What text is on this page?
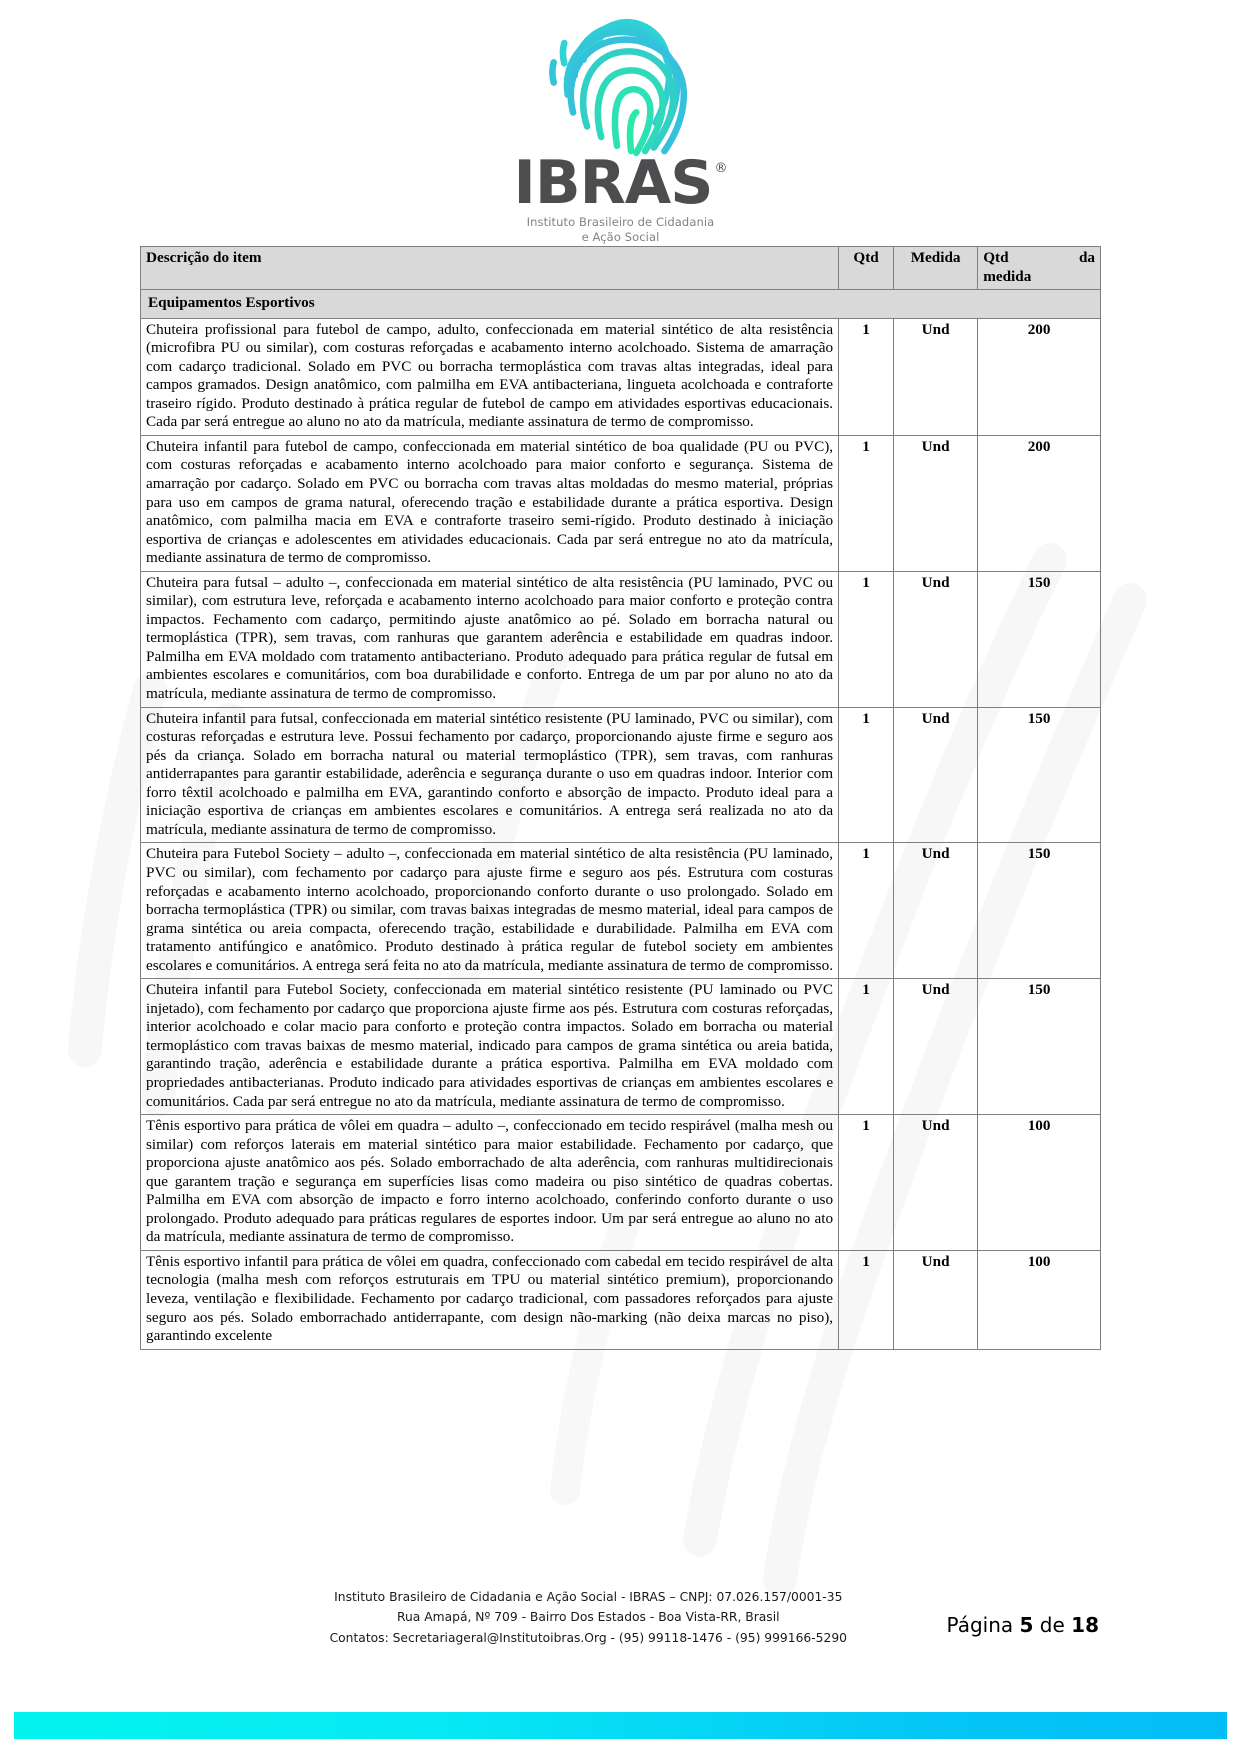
IBRAS ®
Instituto Brasileiro de Cidadania
e Ação Social
Descrição do item	Qtd	Medida	Qtd da
medida
Equipamentos Esportivos			
Chuteira profissional para futebol de campo, adulto, confeccionada em material sintético de alta resistência (microfibra PU ou similar), com costuras reforçadas e acabamento interno acolchoado. Sistema de amarração com cadarço tradicional. Solado em PVC ou borracha termoplástica com travas altas integradas, ideal para campos gramados. Design anatômico, com palmilha em EVA antibacteriana, lingueta acolchoada e contraforte traseiro rígido. Produto destinado à prática regular de futebol de campo em atividades esportivas educacionais. Cada par será entregue ao aluno no ato da matrícula, mediante assinatura de termo de compromisso.	1	Und	200
Chuteira infantil para futebol de campo, confeccionada em material sintético de boa qualidade (PU ou PVC), com costuras reforçadas e acabamento interno acolchoado para maior conforto e segurança. Sistema de amarração por cadarço. Solado em PVC ou borracha com travas altas moldadas do mesmo material, próprias para uso em campos de grama natural, oferecendo tração e estabilidade durante a prática esportiva. Design anatômico, com palmilha macia em EVA e contraforte traseiro semi-rígido. Produto destinado à iniciação esportiva de crianças e adolescentes em atividades educacionais. Cada par será entregue no ato da matrícula, mediante assinatura de termo de compromisso.	1	Und	200
Chuteira para futsal – adulto –, confeccionada em material sintético de alta resistência (PU laminado, PVC ou similar), com estrutura leve, reforçada e acabamento interno acolchoado para maior conforto e proteção contra impactos. Fechamento com cadarço, permitindo ajuste anatômico ao pé. Solado em borracha natural ou termoplástica (TPR), sem travas, com ranhuras que garantem aderência e estabilidade em quadras indoor. Palmilha em EVA moldado com tratamento antibacteriano. Produto adequado para prática regular de futsal em ambientes escolares e comunitários, com boa durabilidade e conforto. Entrega de um par por aluno no ato da matrícula, mediante assinatura de termo de compromisso.	1	Und	150
Chuteira infantil para futsal, confeccionada em material sintético resistente (PU laminado, PVC ou similar), com costuras reforçadas e estrutura leve. Possui fechamento por cadarço, proporcionando ajuste firme e seguro aos pés da criança. Solado em borracha natural ou material termoplástico (TPR), sem travas, com ranhuras antiderrapantes para garantir estabilidade, aderência e segurança durante o uso em quadras indoor. Interior com forro têxtil acolchoado e palmilha em EVA, garantindo conforto e absorção de impacto. Produto ideal para a iniciação esportiva de crianças em ambientes escolares e comunitários. A entrega será realizada no ato da matrícula, mediante assinatura de termo de compromisso.	1	Und	150
Chuteira para Futebol Society – adulto –, confeccionada em material sintético de alta resistência (PU laminado, PVC ou similar), com fechamento por cadarço para ajuste firme e seguro aos pés. Estrutura com costuras reforçadas e acabamento interno acolchoado, proporcionando conforto durante o uso prolongado. Solado em borracha termoplástica (TPR) ou similar, com travas baixas integradas de mesmo material, ideal para campos de grama sintética ou areia compacta, oferecendo tração, estabilidade e durabilidade. Palmilha em EVA com tratamento antifúngico e anatômico. Produto destinado à prática regular de futebol society em ambientes escolares e comunitários. A entrega será feita no ato da matrícula, mediante assinatura de termo de compromisso.	1	Und	150
Chuteira infantil para Futebol Society, confeccionada em material sintético resistente (PU laminado ou PVC injetado), com fechamento por cadarço que proporciona ajuste firme aos pés. Estrutura com costuras reforçadas, interior acolchoado e colar macio para conforto e proteção contra impactos. Solado em borracha ou material termoplástico com travas baixas de mesmo material, indicado para campos de grama sintética ou areia batida, garantindo tração, aderência e estabilidade durante a prática esportiva. Palmilha em EVA moldado com propriedades antibacterianas. Produto indicado para atividades esportivas de crianças em ambientes escolares e comunitários. Cada par será entregue no ato da matrícula, mediante assinatura de termo de compromisso.	1	Und	150
Tênis esportivo para prática de vôlei em quadra – adulto –, confeccionado em tecido respirável (malha mesh ou similar) com reforços laterais em material sintético para maior estabilidade. Fechamento por cadarço, que proporciona ajuste anatômico aos pés. Solado emborrachado de alta aderência, com ranhuras multidirecionais que garantem tração e segurança em superfícies lisas como madeira ou piso sintético de quadras cobertas. Palmilha em EVA com absorção de impacto e forro interno acolchoado, conferindo conforto durante o uso prolongado. Produto adequado para práticas regulares de esportes indoor. Um par será entregue ao aluno no ato da matrícula, mediante assinatura de termo de compromisso.	1	Und	100
Tênis esportivo infantil para prática de vôlei em quadra, confeccionado com cabedal em tecido respirável de alta tecnologia (malha mesh com reforços estruturais em TPU ou material sintético premium), proporcionando leveza, ventilação e flexibilidade. Fechamento por cadarço tradicional, com passadores reforçados para ajuste seguro aos pés. Solado emborrachado antiderrapante, com design não-marking (não deixa marcas no piso), garantindo excelente	1	Und	100
Instituto Brasileiro de Cidadania e Ação Social - IBRAS – CNPJ: 07.026.157/0001-35
Rua Amapá, Nº 709 - Bairro Dos Estados - Boa Vista-RR, Brasil
Contatos: Secretariageral@Institutoibras.Org - (95) 99118-1476 - (95) 999166-5290
Página 5 de 18
